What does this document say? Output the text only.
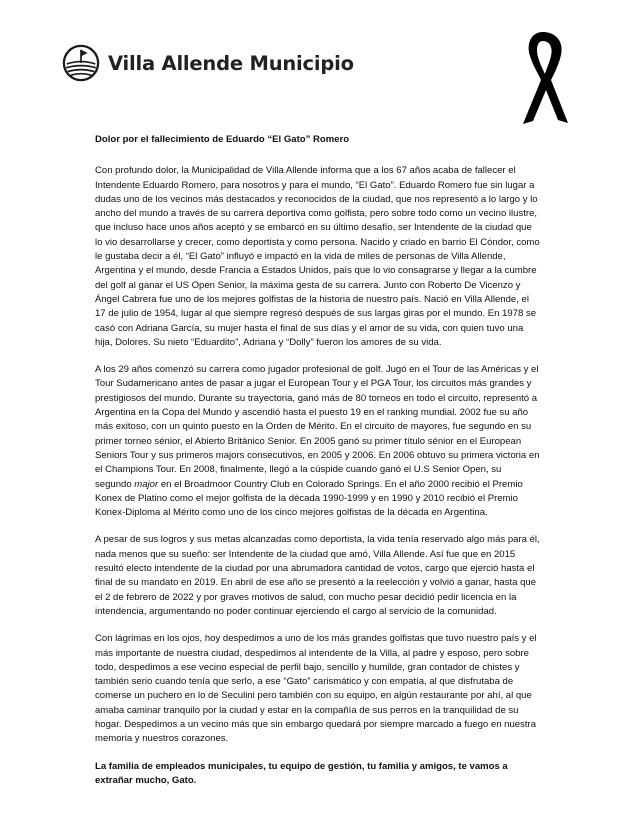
Villa Allende Municipio

Dolor por el fallecimiento de Eduardo “El Gato” Romero

Con profundo dolor, la Municipalidad de Villa Allende informa que a los 67 años acaba de fallecer el Intendente Eduardo Romero, para nosotros y para el mundo, “El Gato”. Eduardo Romero fue sin lugar a dudas uno de los vecinos más destacados y reconocidos de la ciudad, que nos representó a lo largo y lo ancho del mundo a través de su carrera deportiva como golfista, pero sobre todo como un vecino ilustre, que incluso hace unos años aceptó y se embarcó en su último desafío, ser Intendente de la ciudad que lo vio desarrollarse y crecer, como deportista y como persona. Nacido y criado en barrio El Cóndor, como le gustaba decir a él, “El Gato” influyó e impactó en la vida de miles de personas de Villa Allende, Argentina y el mundo, desde Francia a Estados Unidos, país que lo vio consagrarse y llegar a la cumbre del golf al ganar el US Open Senior, la máxima gesta de su carrera. Junto con Roberto De Vicenzo y Ángel Cabrera fue uno de los mejores golfistas de la historia de nuestro país. Nació en Villa Allende, el 17 de julio de 1954, lugar al que siempre regresó después de sus largas giras por el mundo. En 1978 se casó con Adriana García, su mujer hasta el final de sus días y el amor de su vida, con quien tuvo una hija, Dolores. Su nieto “Eduardito”, Adriana y “Dolly” fueron los amores de su vida.

A los 29 años comenzó su carrera como jugador profesional de golf. Jugó en el Tour de las Américas y el Tour Sudamericano antes de pasar a jugar el European Tour y el PGA Tour, los circuitos más grandes y prestigiosos del mundo. Durante su trayectoria, ganó más de 80 torneos en todo el circuito, representó a Argentina en la Copa del Mundo y ascendió hasta el puesto 19 en el ranking mundial. 2002 fue su año más exitoso, con un quinto puesto en la Orden de Mérito. En el circuito de mayores, fue segundo en su primer torneo sénior, el Abierto Británico Senior. En 2005 ganó su primer título sénior en el European Seniors Tour y sus primeros majors consecutivos, en 2005 y 2006. En 2006 obtuvo su primera victoria en el Champions Tour. En 2008, finalmente, llegó a la cúspide cuando ganó el U.S Senior Open, su segundo major en el Broadmoor Country Club en Colorado Springs. En el año 2000 recibió el Premio Konex de Platino como el mejor golfista de la década 1990-1999 y en 1990 y 2010 recibió el Premio Konex-Diploma al Mérito como uno de los cinco mejores golfistas de la década en Argentina.

A pesar de sus logros y sus metas alcanzadas como deportista, la vida tenía reservado algo más para él, nada menos que su sueño: ser Intendente de la ciudad que amó, Villa Allende. Así fue que en 2015 resultó electo intendente de la ciudad por una abrumadora cantidad de votos, cargo que ejerció hasta el final de su mandato en 2019. En abril de ese año se presentó a la reelección y volvió a ganar, hasta que el 2 de febrero de 2022 y por graves motivos de salud, con mucho pesar decidió pedir licencia en la intendencia, argumentando no poder continuar ejerciendo el cargo al servicio de la comunidad.

Con lágrimas en los ojos, hoy despedimos a uno de los más grandes golfistas que tuvo nuestro país y el más importante de nuestra ciudad, despedimos al intendente de la Villa, al padre y esposo, pero sobre todo, despedimos a ese vecino especial de perfil bajo, sencillo y humilde, gran contador de chistes y también serio cuando tenía que serlo, a ese “Gato” carismático y con empatía, al que disfrutaba de comerse un puchero en lo de Seculini pero también con su equipo, en algún restaurante por ahí, al que amaba caminar tranquilo por la ciudad y estar en la compañía de sus perros en la tranquilidad de su hogar. Despedimos a un vecino más que sin embargo quedará por siempre marcado a fuego en nuestra memoria y nuestros corazones.

La familia de empleados municipales, tu equipo de gestión, tu familia y amigos, te vamos a extrañar mucho, Gato.
